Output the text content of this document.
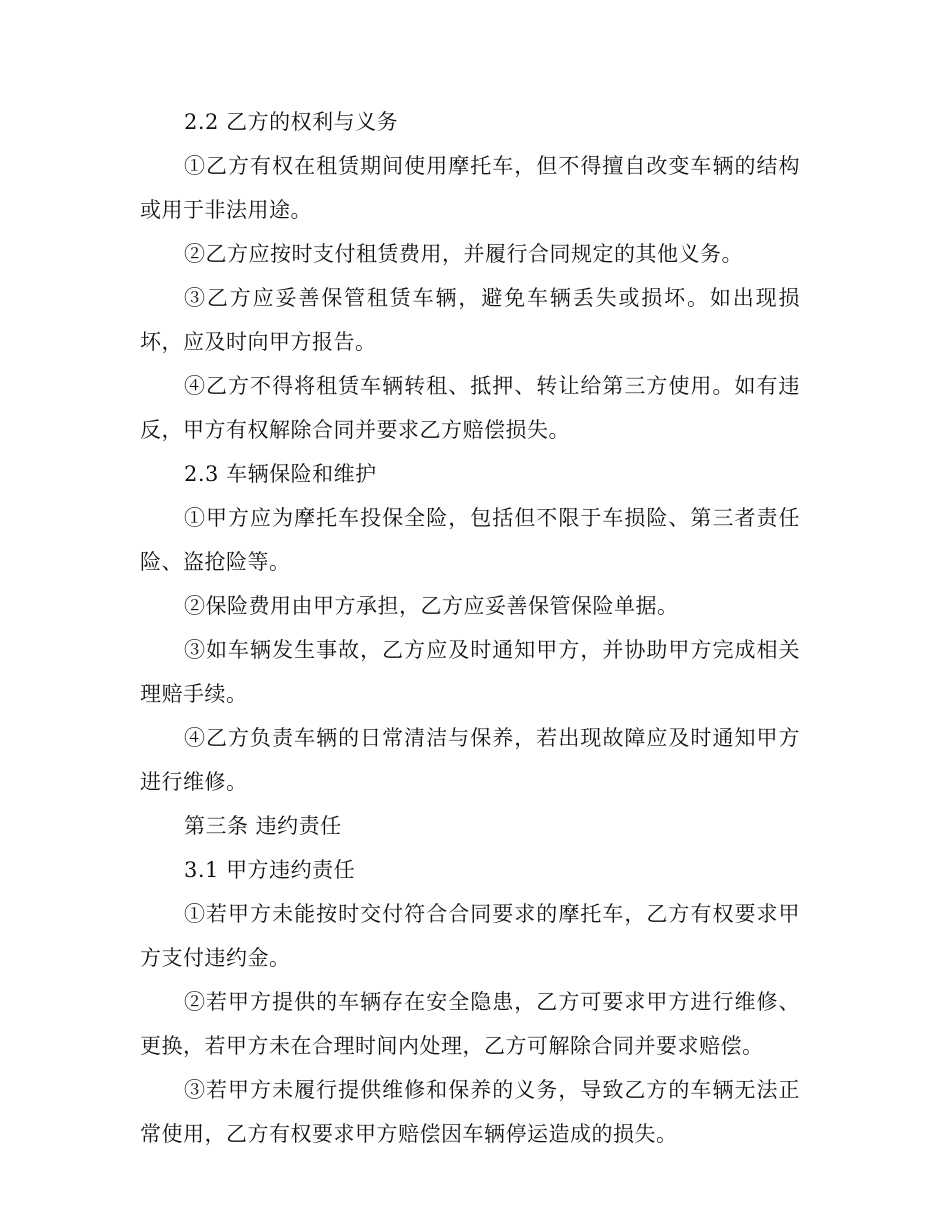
2.2 乙方的权利与义务

①乙方有权在租赁期间使用摩托车，但不得擅自改变车辆的结构或用于非法用途。

②乙方应按时支付租赁费用，并履行合同规定的其他义务。

③乙方应妥善保管租赁车辆，避免车辆丢失或损坏。如出现损坏，应及时向甲方报告。

④乙方不得将租赁车辆转租、抵押、转让给第三方使用。如有违反，甲方有权解除合同并要求乙方赔偿损失。

2.3 车辆保险和维护

①甲方应为摩托车投保全险，包括但不限于车损险、第三者责任险、盗抢险等。

②保险费用由甲方承担，乙方应妥善保管保险单据。

③如车辆发生事故，乙方应及时通知甲方，并协助甲方完成相关理赔手续。

④乙方负责车辆的日常清洁与保养，若出现故障应及时通知甲方进行维修。

第三条 违约责任

3.1 甲方违约责任

①若甲方未能按时交付符合合同要求的摩托车，乙方有权要求甲方支付违约金。

②若甲方提供的车辆存在安全隐患，乙方可要求甲方进行维修、更换，若甲方未在合理时间内处理，乙方可解除合同并要求赔偿。

③若甲方未履行提供维修和保养的义务，导致乙方的车辆无法正常使用，乙方有权要求甲方赔偿因车辆停运造成的损失。
